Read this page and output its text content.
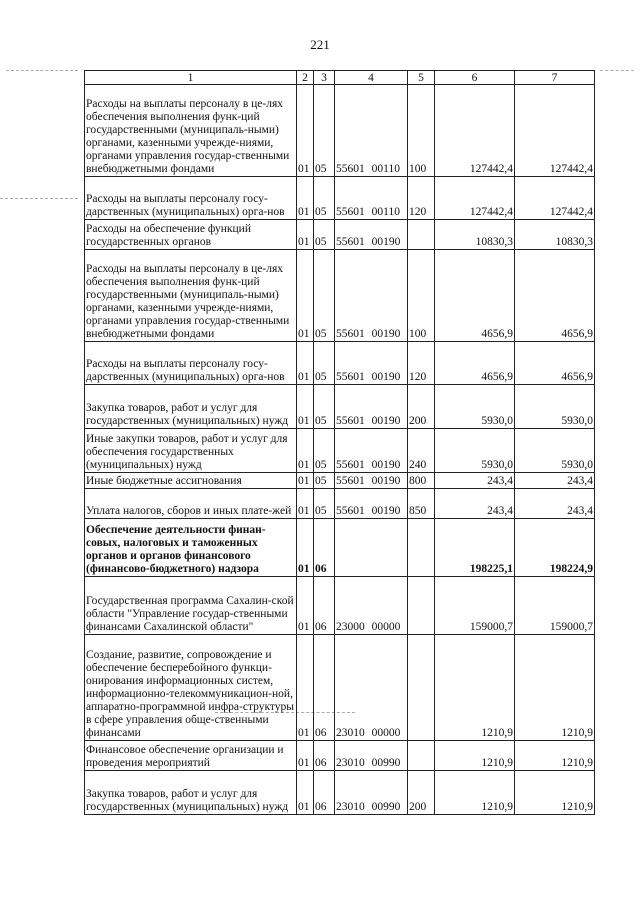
221
1	2	3	4	5	6	7
Расходы на выплаты персоналу в це-лях обеспечения выполнения функ-ций государственными (муниципаль-ными) органами, казенными учрежде-ниями, органами управления государ-ственными внебюджетными фондами	01	05	55601 00110	100	127442,4	127442,4
Расходы на выплаты персоналу госу-дарственных (муниципальных) орга-нов	01	05	55601 00110	120	127442,4	127442,4
Расходы на обеспечение функций государственных органов	01	05	55601 00190		10830,3	10830,3
Расходы на выплаты персоналу в це-лях обеспечения выполнения функ-ций государственными (муниципаль-ными) органами, казенными учрежде-ниями, органами управления государ-ственными внебюджетными фондами	01	05	55601 00190	100	4656,9	4656,9
Расходы на выплаты персоналу госу-дарственных (муниципальных) орга-нов	01	05	55601 00190	120	4656,9	4656,9
Закупка товаров, работ и услуг для государственных (муниципальных) нужд	01	05	55601 00190	200	5930,0	5930,0
Иные закупки товаров, работ и услуг для обеспечения государственных (муниципальных) нужд	01	05	55601 00190	240	5930,0	5930,0
Иные бюджетные ассигнования	01	05	55601 00190	800	243,4	243,4
Уплата налогов, сборов и иных плате-жей	01	05	55601 00190	850	243,4	243,4
Обеспечение деятельности финан-совых, налоговых и таможенных органов и органов финансового (финансово-бюджетного) надзора	01	06			198225,1	198224,9
Государственная программа Сахалин-ской области "Управление государ-ственными финансами Сахалинской области"	01	06	23000 00000		159000,7	159000,7
Создание, развитие, сопровождение и обеспечение бесперебойного функци-онирования информационных систем, информационно-телекоммуникацион-ной, аппаратно-программной инфра-структуры в сфере управления обще-ственными финансами	01	06	23010 00000		1210,9	1210,9
Финансовое обеспечение организации и проведения мероприятий	01	06	23010 00990		1210,9	1210,9
Закупка товаров, работ и услуг для государственных (муниципальных) нужд	01	06	23010 00990	200	1210,9	1210,9
